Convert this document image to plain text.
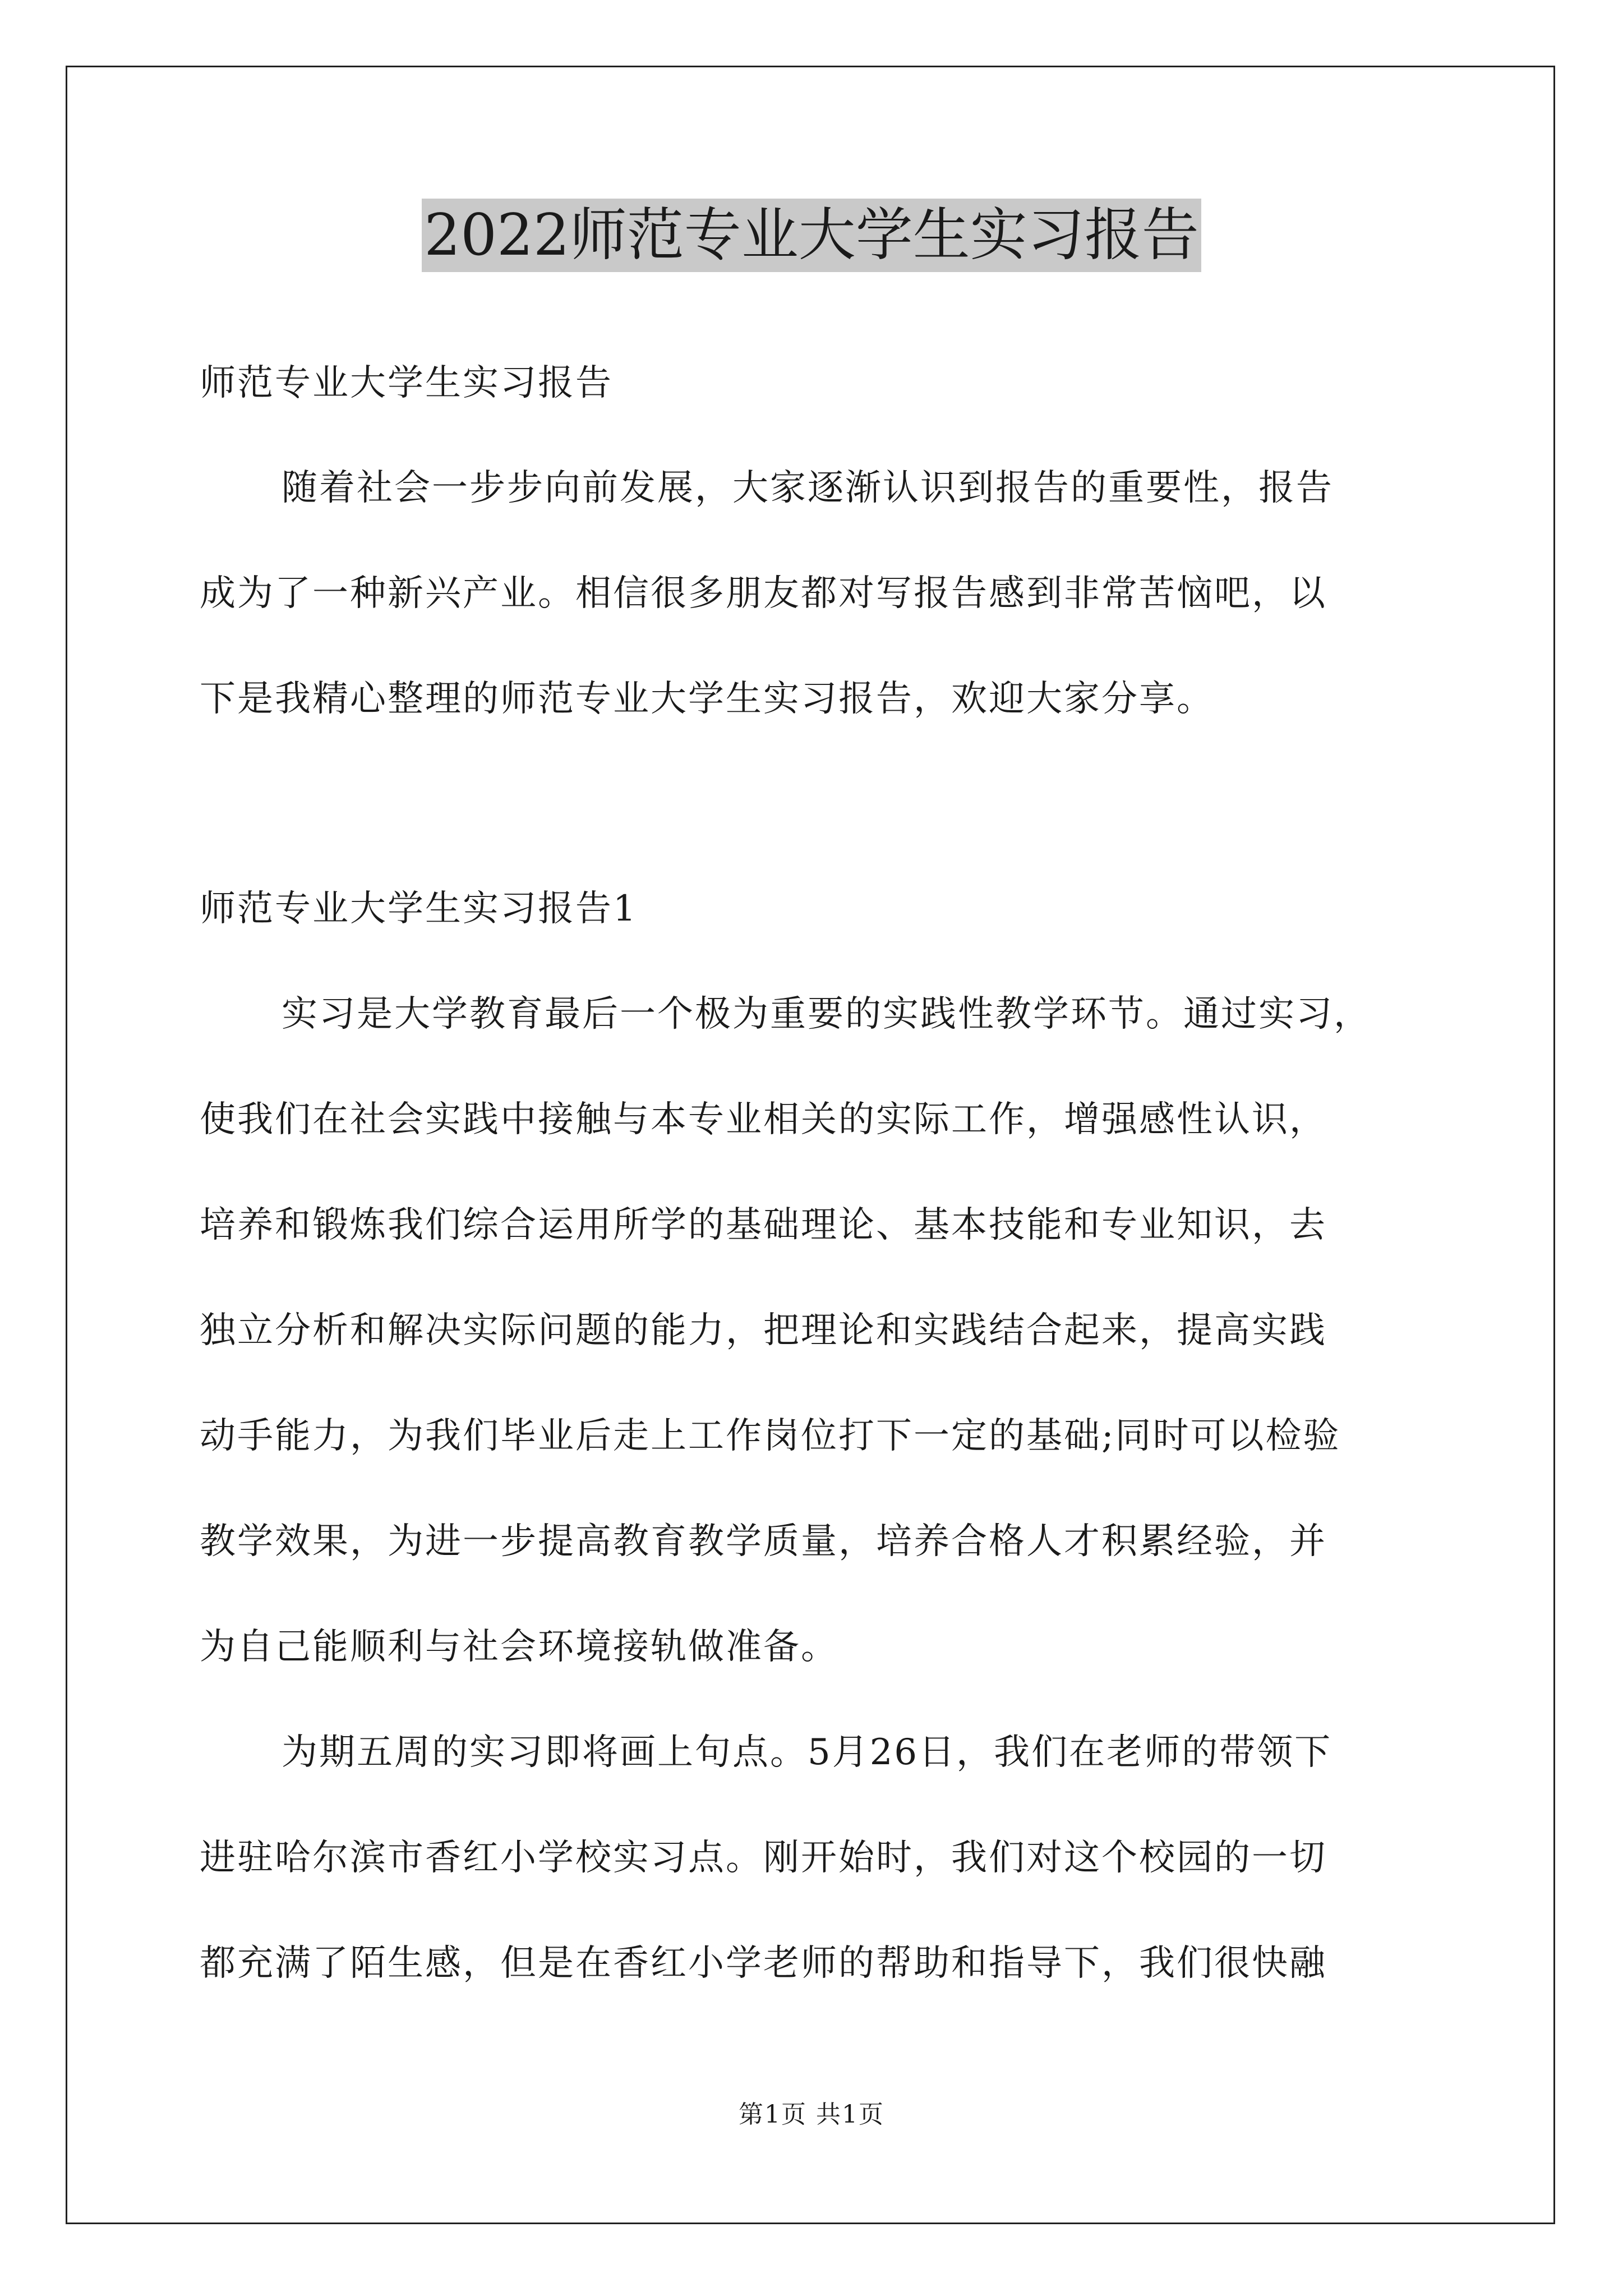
2022师范专业大学生实习报告

师范专业大学生实习报告

随着社会一步步向前发展，大家逐渐认识到报告的重要性，报告

成为了一种新兴产业。相信很多朋友都对写报告感到非常苦恼吧，以

下是我精心整理的师范专业大学生实习报告，欢迎大家分享。

师范专业大学生实习报告1

实习是大学教育最后一个极为重要的实践性教学环节。通过实习，

使我们在社会实践中接触与本专业相关的实际工作，增强感性认识，

培养和锻炼我们综合运用所学的基础理论、基本技能和专业知识，去

独立分析和解决实际问题的能力，把理论和实践结合起来，提高实践

动手能力，为我们毕业后走上工作岗位打下一定的基础;同时可以检验

教学效果，为进一步提高教育教学质量，培养合格人才积累经验，并

为自己能顺利与社会环境接轨做准备。

为期五周的实习即将画上句点。5月26日，我们在老师的带领下

进驻哈尔滨市香红小学校实习点。刚开始时，我们对这个校园的一切

都充满了陌生感，但是在香红小学老师的帮助和指导下，我们很快融

第1页 共1页
